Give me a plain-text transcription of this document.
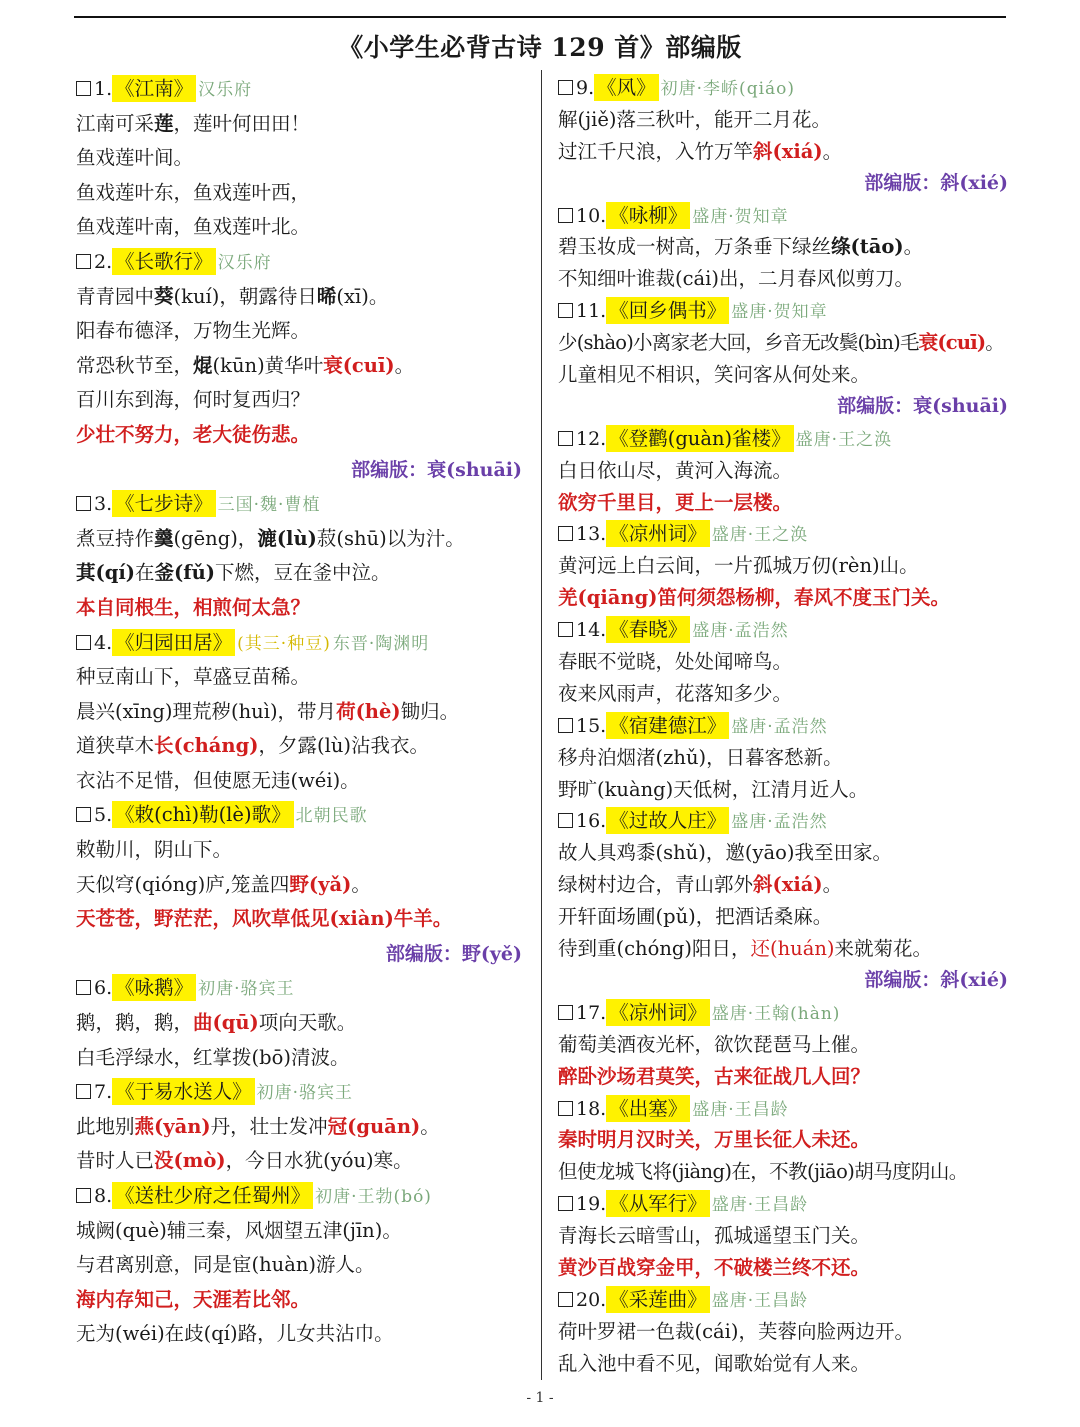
《小学生必背古诗 129 首》部编版
1. 《江南》 汉乐府
江南可采莲，莲叶何田田！
鱼戏莲叶间。
鱼戏莲叶东，鱼戏莲叶西，
鱼戏莲叶南，鱼戏莲叶北。
2. 《长歌行》 汉乐府
青青园中葵(kuí)，朝露待日晞(xī)。
阳春布德泽，万物生光辉。
常恐秋节至，焜(kūn)黄华叶衰(cuī)。
百川东到海，何时复西归？
少壮不努力，老大徒伤悲。
部编版：衰(shuāi)
3. 《七步诗》 三国·魏·曹植
煮豆持作羹(gēng)，漉(lù)菽(shū)以为汁。
萁(qí)在釜(fǔ)下燃，豆在釜中泣。
本自同根生，相煎何太急？
4. 《归园田居》 (其三·种豆) 东晋·陶渊明
种豆南山下，草盛豆苗稀。
晨兴(xīng)理荒秽(huì)，带月荷(hè)锄归。
道狭草木长(cháng)，夕露(lù)沾我衣。
衣沾不足惜，但使愿无违(wéi)。
5. 《敕(chì)勒(lè)歌》 北朝民歌
敕勒川，阴山下。
天似穹(qióng)庐,笼盖四野(yǎ)。
天苍苍，野茫茫，风吹草低见(xiàn)牛羊。
部编版：野(yě)
6. 《咏鹅》 初唐·骆宾王
鹅，鹅，鹅，曲(qū)项向天歌。
白毛浮绿水，红掌拨(bō)清波。
7. 《于易水送人》 初唐·骆宾王
此地别燕(yān)丹，壮士发冲冠(guān)。
昔时人已没(mò)，今日水犹(yóu)寒。
8. 《送杜少府之任蜀州》 初唐·王勃(bó)
城阙(què)辅三秦，风烟望五津(jīn)。
与君离别意，同是宦(huàn)游人。
海内存知己，天涯若比邻。
无为(wéi)在歧(qí)路，儿女共沾巾。
9. 《风》 初唐·李峤(qiáo)
解(jiě)落三秋叶，能开二月花。
过江千尺浪，入竹万竿斜(xiá)。
部编版：斜(xié)
10. 《咏柳》 盛唐·贺知章
碧玉妆成一树高，万条垂下绿丝绦(tāo)。
不知细叶谁裁(cái)出，二月春风似剪刀。
11. 《回乡偶书》 盛唐·贺知章
少(shào)小离家老大回，乡音无改鬓(bìn)毛衰(cuī)。
儿童相见不相识，笑问客从何处来。
部编版：衰(shuāi)
12. 《登鹳(guàn)雀楼》 盛唐·王之涣
白日依山尽，黄河入海流。
欲穷千里目，更上一层楼。
13. 《凉州词》 盛唐·王之涣
黄河远上白云间，一片孤城万仞(rèn)山。
羌(qiāng)笛何须怨杨柳，春风不度玉门关。
14. 《春晓》 盛唐·孟浩然
春眠不觉晓，处处闻啼鸟。
夜来风雨声，花落知多少。
15. 《宿建德江》 盛唐·孟浩然
移舟泊烟渚(zhǔ)，日暮客愁新。
野旷(kuàng)天低树，江清月近人。
16. 《过故人庄》 盛唐·孟浩然
故人具鸡黍(shǔ)，邀(yāo)我至田家。
绿树村边合，青山郭外斜(xiá)。
开轩面场圃(pǔ)，把酒话桑麻。
待到重(chóng)阳日，还(huán)来就菊花。
部编版：斜(xié)
17. 《凉州词》 盛唐·王翰(hàn)
葡萄美酒夜光杯，欲饮琵琶马上催。
醉卧沙场君莫笑，古来征战几人回？
18. 《出塞》 盛唐·王昌龄
秦时明月汉时关，万里长征人未还。
但使龙城飞将(jiàng)在，不教(jiāo)胡马度阴山。
19. 《从军行》 盛唐·王昌龄
青海长云暗雪山，孤城遥望玉门关。
黄沙百战穿金甲，不破楼兰终不还。
20. 《采莲曲》 盛唐·王昌龄
荷叶罗裙一色裁(cái)，芙蓉向脸两边开。
乱入池中看不见，闻歌始觉有人来。
- 1 -
